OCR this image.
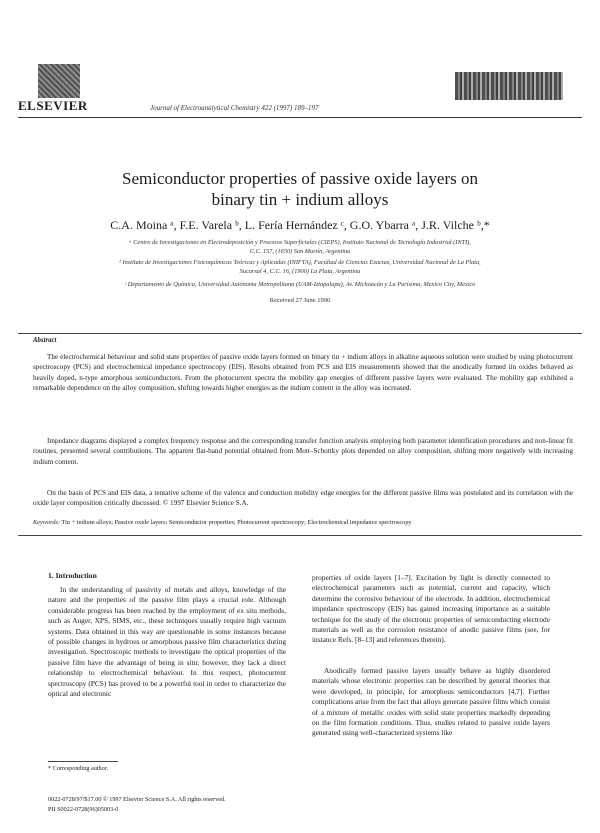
ELSEVIER	Journal of Electroanalytical Chemistry 422 (1997) 189–197
Semiconductor properties of passive oxide layers on
binary tin + indium alloys
C.A. Moina ᵃ, F.E. Varela ᵇ, L. Fería Hernández ᶜ, G.O. Ybarra ᵃ, J.R. Vilche ᵇ,*
ᵃ Centro de Investigaciones en Electrodeposición y Procesos Superficiales (CIEPS), Instituto Nacional de Tecnología Industrial (INTI),
C.C. 157, (1650) San Martín, Argentina
ᵇ Instituto de Investigaciones Fisicoquímicas Teóricas y Aplicadas (INIFTA), Facultad de Ciencias Exactas, Universidad Nacional de La Plata,
Sucursal 4, C.C. 16, (1900) La Plata, Argentina
ᶜ Departamento de Química, Universidad Autónoma Metropolitana (UAM-Iztapalapa), Av. Michoacán y La Purísima, Mexico City, Mexico
Received 27 June 1996
Abstract
The electrochemical behaviour and solid state properties of passive oxide layers formed on binary tin + indium alloys in alkaline aqueous solution were studied by using photocurrent spectroscopy (PCS) and electrochemical impedance spectroscopy (EIS). Results obtained from PCS and EIS measurements showed that the anodically formed tin oxides behaved as heavily doped, n-type amorphous semiconductors. From the photocurrent spectra the mobility gap energies of different passive layers were evaluated. The mobility gap exhibited a remarkable dependence on the alloy composition, shifting towards higher energies as the indium content in the alloy was increased.
Impedance diagrams displayed a complex frequency response and the corresponding transfer function analysis employing both parameter identification procedures and non-linear fit routines, presented several contributions. The apparent flat-band potential obtained from Mott–Schottky plots depended on alloy composition, shifting more negatively with increasing indium content.
On the basis of PCS and EIS data, a tentative scheme of the valence and conduction mobility edge energies for the different passive films was postulated and its correlation with the oxide layer composition critically discussed. © 1997 Elsevier Science S.A.
Keywords: Tin + indium alloys; Passive oxide layers; Semiconductor properties; Photocurrent spectroscopy; Electrochemical impedance spectroscopy
1. Introduction
In the understanding of passivity of metals and alloys, knowledge of the nature and the properties of the passive film plays a crucial role. Although considerable progress has been reached by the employment of ex situ methods, such as Auger, XPS, SIMS, etc., these techniques usually require high vacuum systems. Data obtained in this way are questionable in some instances because of possible changes in hydrous or amorphous passive film characteristics during investigation. Spectroscopic methods to investigate the optical properties of the passive film have the advantage of being in situ; however, they lack a direct relationship to electrochemical behaviour. In this respect, photocurrent spectroscopy (PCS) has proved to be a powerful tool in order to characterize the optical and electronic
properties of oxide layers [1–7]. Excitation by light is directly connected to electrochemical parameters such as potential, current and capacity, which determine the corrosive behaviour of the electrode. In addition, electrochemical impedance spectroscopy (EIS) has gained increasing importance as a suitable technique for the study of the electronic properties of semiconducting electrode materials as well as the corrosion resistance of anodic passive films (see, for instance Refs. [8–13] and references therein).
Anodically formed passive layers usually behave as highly disordered materials whose electronic properties can be described by general theories that were developed, in principle, for amorphous semiconductors [4,7]. Further complications arise from the fact that alloys generate passive films which consist of a mixture of metallic oxides with solid state properties markedly depending on the film formation conditions. Thus, studies related to passive oxide layers generated using well-characterized systems like
* Corresponding author.
0022-0728/97/$17.00 © 1997 Elsevier Science S.A. All rights reserved.
PII S0022-0728(96)05003-0
